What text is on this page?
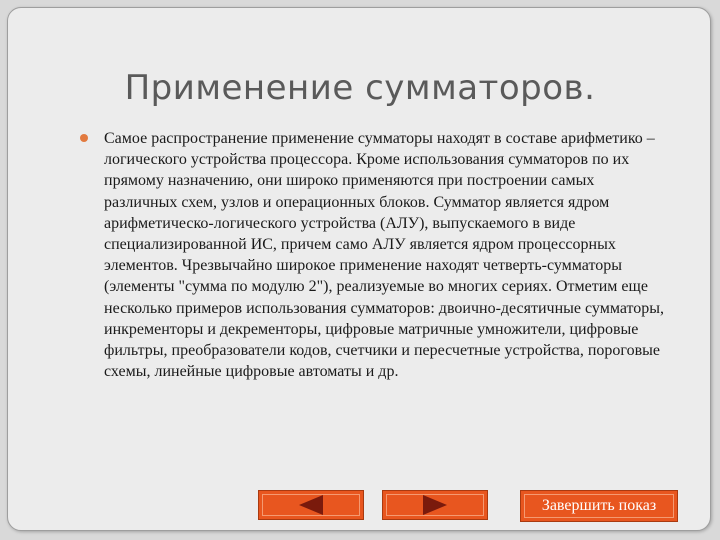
Применение сумматоров.

Самое распространение применение сумматоры находят в составе арифметико – логического устройства процессора. Кроме использования сумматоров по их прямому назначению, они широко применяются при построении самых различных схем, узлов и операционных блоков. Сумматор является ядром арифметическо-логического устройства (АЛУ), выпускаемого в виде специализированной ИС, причем само АЛУ является ядром процессорных элементов. Чрезвычайно широкое применение находят четверть-сумматоры (элементы "сумма по модулю 2"), реализуемые во многих сериях. Отметим еще несколько примеров использования сумматоров: двоично-десятичные сумматоры, инкременторы и декременторы, цифровые матричные умножители, цифровые фильтры, преобразователи кодов, счетчики и пересчетные устройства, пороговые схемы, линейные цифровые автоматы и др.

Завершить показ
